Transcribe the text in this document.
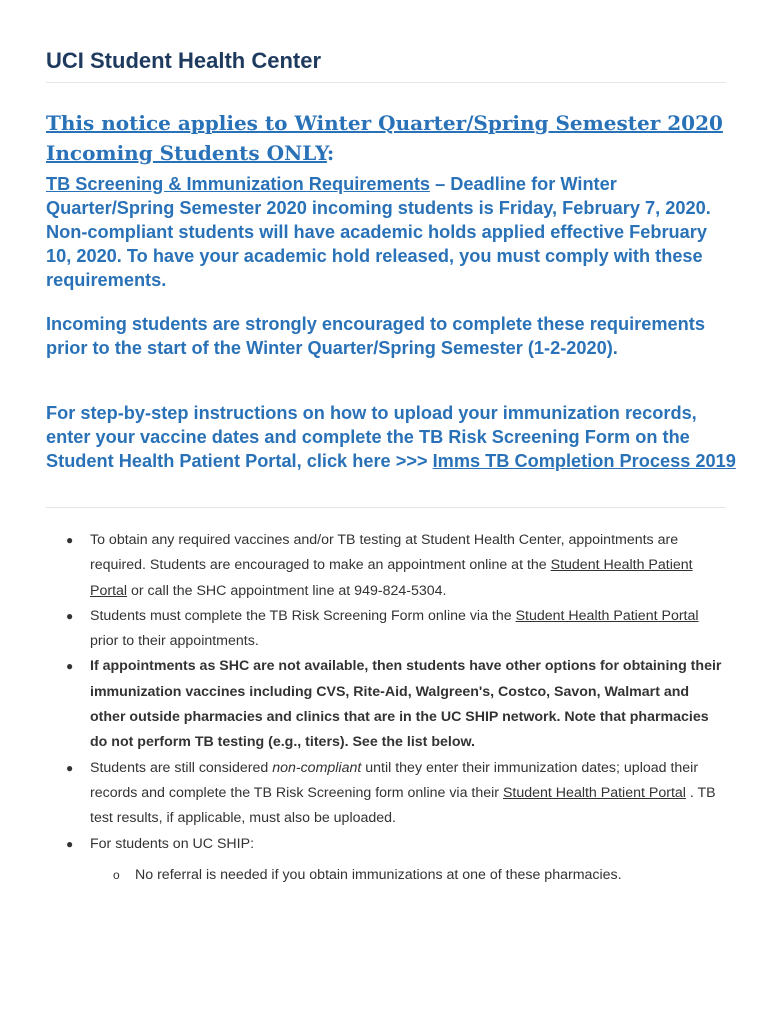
UCI Student Health Center
This notice applies to Winter Quarter/Spring Semester 2020
Incoming Students ONLY:
TB Screening & Immunization Requirements – Deadline for Winter Quarter/Spring Semester 2020 incoming students is Friday, February 7, 2020. Non-compliant students will have academic holds applied effective February 10, 2020. To have your academic hold released, you must comply with these requirements.
Incoming students are strongly encouraged to complete these requirements prior to the start of the Winter Quarter/Spring Semester (1-2-2020).
For step-by-step instructions on how to upload your immunization records, enter your vaccine dates and complete the TB Risk Screening Form on the Student Health Patient Portal, click here >>> Imms TB Completion Process 2019
● To obtain any required vaccines and/or TB testing at Student Health Center, appointments are required. Students are encouraged to make an appointment online at the Student Health Patient Portal or call the SHC appointment line at 949-824-5304.
● Students must complete the TB Risk Screening Form online via the Student Health Patient Portal prior to their appointments.
● If appointments as SHC are not available, then students have other options for obtaining their immunization vaccines including CVS, Rite-Aid, Walgreen's, Costco, Savon, Walmart and other outside pharmacies and clinics that are in the UC SHIP network. Note that pharmacies do not perform TB testing (e.g., titers). See the list below.
● Students are still considered non-compliant until they enter their immunization dates; upload their records and complete the TB Risk Screening form online via their Student Health Patient Portal . TB test results, if applicable, must also be uploaded.
● For students on UC SHIP:
o No referral is needed if you obtain immunizations at one of these pharmacies.
